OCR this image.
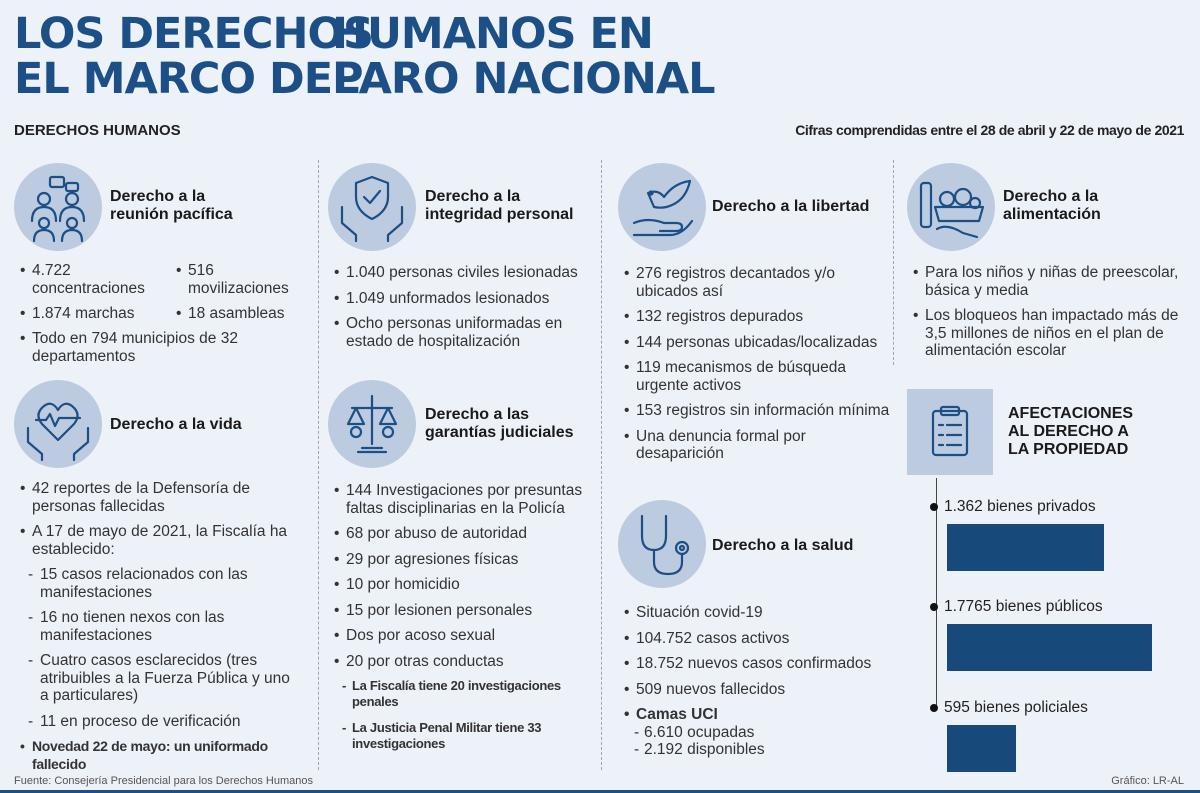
LOS DERECHOS
EL MARCO DEL
HUMANOS EN
PARO NACIONAL
DERECHOS HUMANOS	Cifras comprendidas entre el 28 de abril y 22 de mayo de 2021
Derecho a la
reunión pacífica
• 4.722
concentraciones
• 1.874 marchas
• 516
movilizaciones
• 18 asambleas
• Todo en 794 municipios de 32 departamentos
Derecho a la vida
• 42 reportes de la Defensoría de personas fallecidas
• A 17 de mayo de 2021, la Fiscalía ha establecido:
- 15 casos relacionados con las manifestaciones
- 16 no tienen nexos con las manifestaciones
- Cuatro casos esclarecidos (tres atribuibles a la Fuerza Pública y uno a particulares)
- 11 en proceso de verificación
• Novedad 22 de mayo: un uniformado fallecido
Derecho a la
integridad personal
• 1.040 personas civiles lesionadas
• 1.049 unformados lesionados
• Ocho personas uniformadas en estado de hospitalización
Derecho a las
garantías judiciales
• 144 Investigaciones por presuntas faltas disciplinarias en la Policía
• 68 por abuso de autoridad
• 29 por agresiones físicas
• 10 por homicidio
• 15 por lesionen personales
• Dos por acoso sexual
• 20 por otras conductas
- La Fiscalía tiene 20 investigaciones penales
- La Justicia Penal Militar tiene 33 investigaciones
Derecho a la libertad
• 276 registros decantados y/o ubicados así
• 132 registros depurados
• 144 personas ubicadas/localizadas
• 119 mecanismos de búsqueda urgente activos
• 153 registros sin información mínima
• Una denuncia formal por desaparición
Derecho a la salud
• Situación covid-19
• 104.752 casos activos
• 18.752 nuevos casos confirmados
• 509 nuevos fallecidos
• Camas UCI
- 6.610 ocupadas
- 2.192 disponibles
Derecho a la
alimentación
• Para los niños y niñas de preescolar, básica y media
• Los bloqueos han impactado más de 3,5 millones de niños en el plan de alimentación escolar
AFECTACIONES
AL DERECHO A
LA PROPIEDAD
1.362 bienes privados
1.7765 bienes públicos
595 bienes policiales
Fuente: Consejería Presidencial para los Derechos Humanos	Gráfico: LR-AL
